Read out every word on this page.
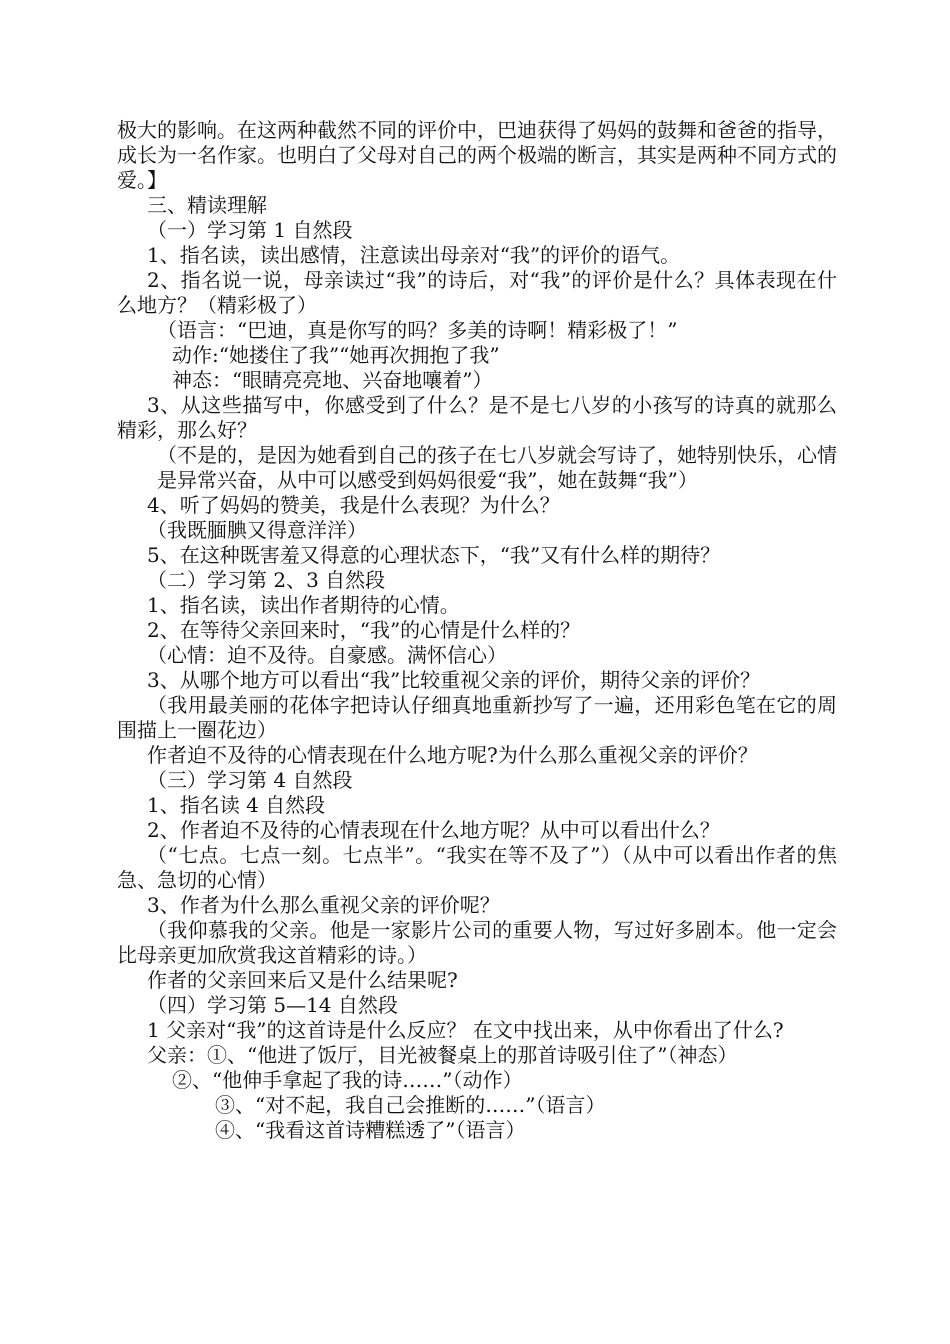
极大的影响。在这两种截然不同的评价中，巴迪获得了妈妈的鼓舞和爸爸的指导，成长为一名作家。也明白了父母对自己的两个极端的断言，其实是两种不同方式的爱。】

三、精读理解

（一）学习第 1 自然段

1、指名读，读出感情，注意读出母亲对“我”的评价的语气。

2、指名说一说，母亲读过“我”的诗后，对“我”的评价是什么？具体表现在什么地方？（精彩极了）

（语言：“巴迪，真是你写的吗？多美的诗啊！精彩极了！”

动作:“她搂住了我”“她再次拥抱了我”

神态：“眼睛亮亮地、兴奋地嚷着”）

3、从这些描写中，你感受到了什么？是不是七八岁的小孩写的诗真的就那么精彩，那么好？

（不是的，是因为她看到自己的孩子在七八岁就会写诗了，她特别快乐，心情是异常兴奋，从中可以感受到妈妈很爱“我”，她在鼓舞“我”）

4、听了妈妈的赞美，我是什么表现？为什么？

（我既腼腆又得意洋洋）

5、在这种既害羞又得意的心理状态下，“我”又有什么样的期待？

（二）学习第 2、3 自然段

1、指名读，读出作者期待的心情。

2、在等待父亲回来时，“我”的心情是什么样的？

（心情：迫不及待。自豪感。满怀信心）

3、从哪个地方可以看出“我”比较重视父亲的评价，期待父亲的评价？

（我用最美丽的花体字把诗认仔细真地重新抄写了一遍，还用彩色笔在它的周围描上一圈花边）

作者迫不及待的心情表现在什么地方呢?为什么那么重视父亲的评价？

（三）学习第 4 自然段

1、指名读 4 自然段

2、作者迫不及待的心情表现在什么地方呢？从中可以看出什么？

（“七点。七点一刻。七点半”。“我实在等不及了”）（从中可以看出作者的焦急、急切的心情）

3、作者为什么那么重视父亲的评价呢？

（我仰慕我的父亲。他是一家影片公司的重要人物，写过好多剧本。他一定会比母亲更加欣赏我这首精彩的诗。）

作者的父亲回来后又是什么结果呢?

（四）学习第 5—14 自然段

1 父亲对“我”的这首诗是什么反应？ 在文中找出来，从中你看出了什么?

父亲：①、“他进了饭厅，目光被餐桌上的那首诗吸引住了”（神态）

②、“他伸手拿起了我的诗……”（动作）

③、“对不起，我自己会推断的……”（语言）

④、“我看这首诗糟糕透了”（语言）
